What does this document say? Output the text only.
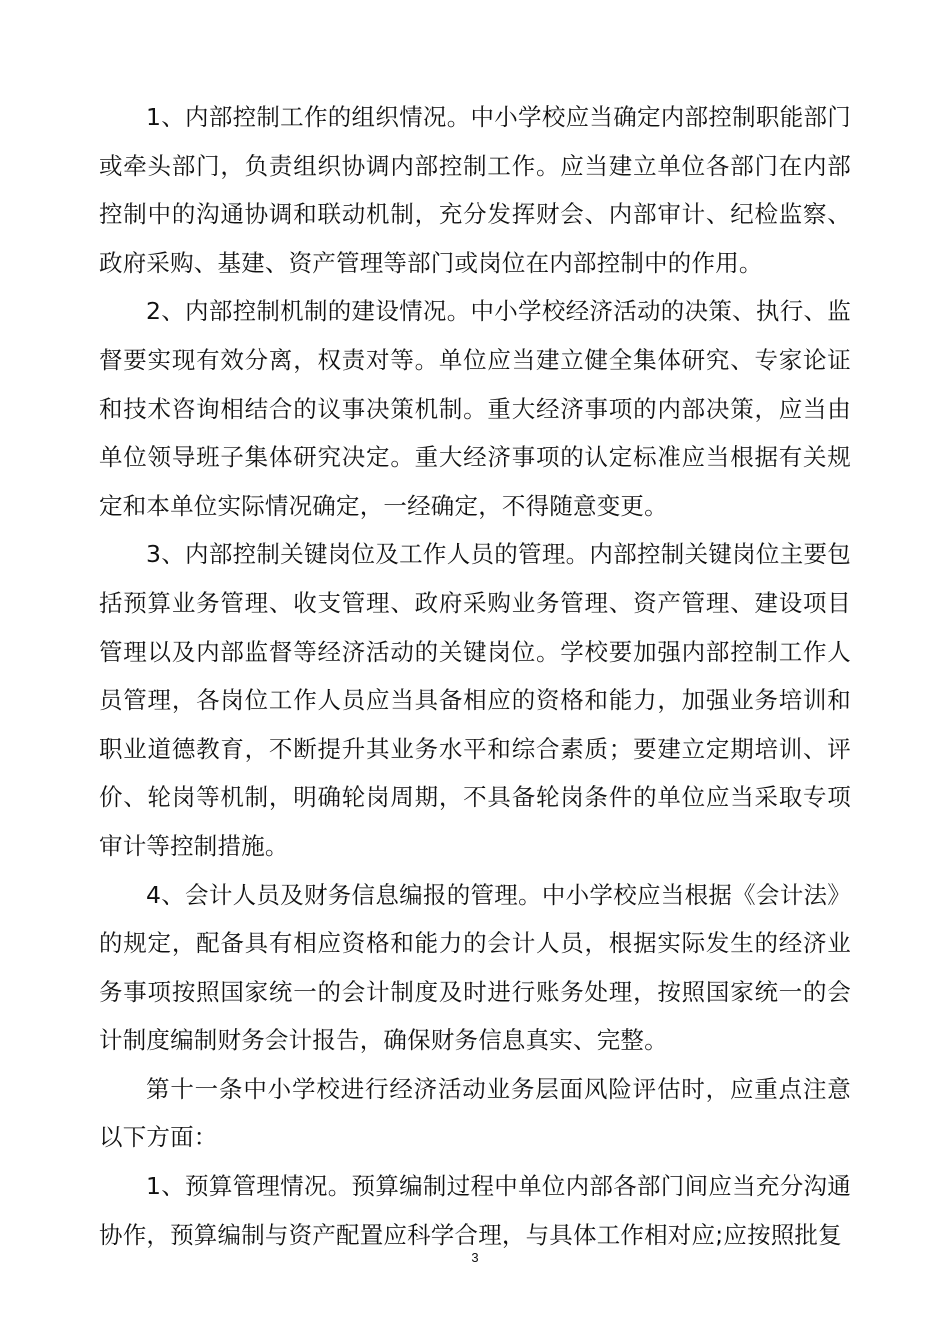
1、内部控制工作的组织情况。中小学校应当确定内部控制职能部门或牵头部门，负责组织协调内部控制工作。应当建立单位各部门在内部控制中的沟通协调和联动机制，充分发挥财会、内部审计、纪检监察、政府采购、基建、资产管理等部门或岗位在内部控制中的作用。

2、内部控制机制的建设情况。中小学校经济活动的决策、执行、监督要实现有效分离，权责对等。单位应当建立健全集体研究、专家论证和技术咨询相结合的议事决策机制。重大经济事项的内部决策，应当由单位领导班子集体研究决定。重大经济事项的认定标准应当根据有关规定和本单位实际情况确定，一经确定，不得随意变更。

3、内部控制关键岗位及工作人员的管理。内部控制关键岗位主要包括预算业务管理、收支管理、政府采购业务管理、资产管理、建设项目管理以及内部监督等经济活动的关键岗位。学校要加强内部控制工作人员管理，各岗位工作人员应当具备相应的资格和能力，加强业务培训和职业道德教育，不断提升其业务水平和综合素质；要建立定期培训、评价、轮岗等机制，明确轮岗周期，不具备轮岗条件的单位应当采取专项审计等控制措施。

4、会计人员及财务信息编报的管理。中小学校应当根据《会计法》的规定，配备具有相应资格和能力的会计人员，根据实际发生的经济业务事项按照国家统一的会计制度及时进行账务处理，按照国家统一的会计制度编制财务会计报告，确保财务信息真实、完整。

第十一条中小学校进行经济活动业务层面风险评估时，应重点注意以下方面：

1、预算管理情况。预算编制过程中单位内部各部门间应当充分沟通协作，预算编制与资产配置应科学合理，与具体工作相对应;应按照批复

3
